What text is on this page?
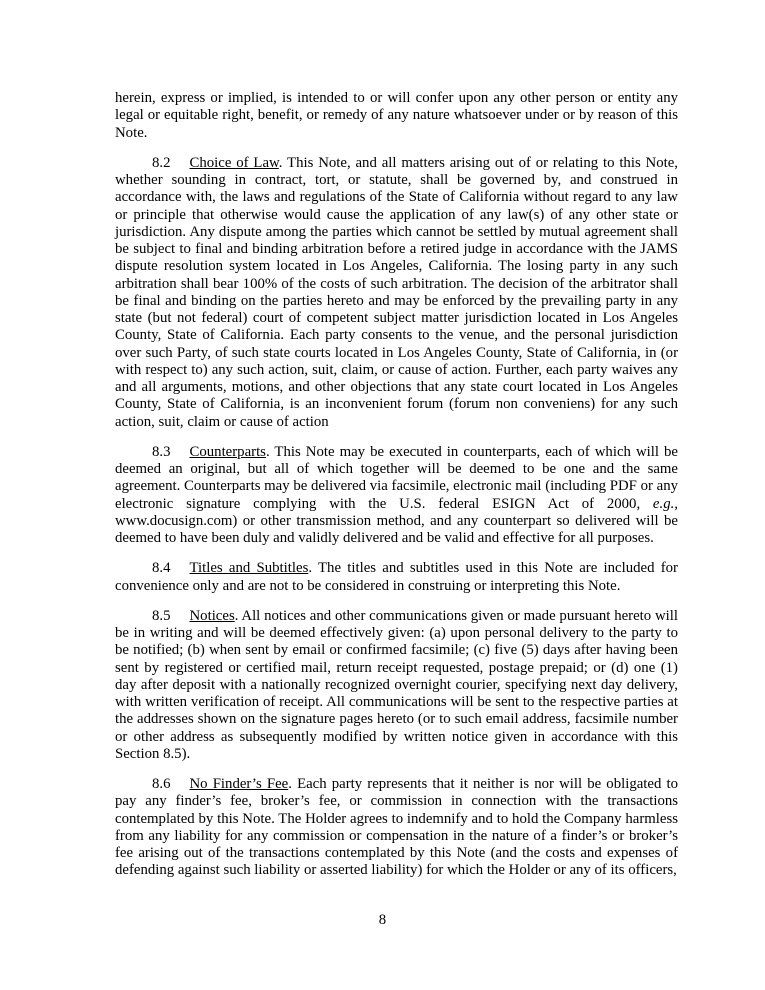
herein, express or implied, is intended to or will confer upon any other person or entity any legal or equitable right, benefit, or remedy of any nature whatsoever under or by reason of this Note.

8.2 Choice of Law. This Note, and all matters arising out of or relating to this Note, whether sounding in contract, tort, or statute, shall be governed by, and construed in accordance with, the laws and regulations of the State of California without regard to any law or principle that otherwise would cause the application of any law(s) of any other state or jurisdiction. Any dispute among the parties which cannot be settled by mutual agreement shall be subject to final and binding arbitration before a retired judge in accordance with the JAMS dispute resolution system located in Los Angeles, California. The losing party in any such arbitration shall bear 100% of the costs of such arbitration. The decision of the arbitrator shall be final and binding on the parties hereto and may be enforced by the prevailing party in any state (but not federal) court of competent subject matter jurisdiction located in Los Angeles County, State of California. Each party consents to the venue, and the personal jurisdiction over such Party, of such state courts located in Los Angeles County, State of California, in (or with respect to) any such action, suit, claim, or cause of action. Further, each party waives any and all arguments, motions, and other objections that any state court located in Los Angeles County, State of California, is an inconvenient forum (forum non conveniens) for any such action, suit, claim or cause of action

8.3 Counterparts. This Note may be executed in counterparts, each of which will be deemed an original, but all of which together will be deemed to be one and the same agreement. Counterparts may be delivered via facsimile, electronic mail (including PDF or any electronic signature complying with the U.S. federal ESIGN Act of 2000, e.g., www.docusign.com) or other transmission method, and any counterpart so delivered will be deemed to have been duly and validly delivered and be valid and effective for all purposes.

8.4 Titles and Subtitles. The titles and subtitles used in this Note are included for convenience only and are not to be considered in construing or interpreting this Note.

8.5 Notices. All notices and other communications given or made pursuant hereto will be in writing and will be deemed effectively given: (a) upon personal delivery to the party to be notified; (b) when sent by email or confirmed facsimile; (c) five (5) days after having been sent by registered or certified mail, return receipt requested, postage prepaid; or (d) one (1) day after deposit with a nationally recognized overnight courier, specifying next day delivery, with written verification of receipt. All communications will be sent to the respective parties at the addresses shown on the signature pages hereto (or to such email address, facsimile number or other address as subsequently modified by written notice given in accordance with this Section 8.5).

8.6 No Finder’s Fee. Each party represents that it neither is nor will be obligated to pay any finder’s fee, broker’s fee, or commission in connection with the transactions contemplated by this Note. The Holder agrees to indemnify and to hold the Company harmless from any liability for any commission or compensation in the nature of a finder’s or broker’s fee arising out of the transactions contemplated by this Note (and the costs and expenses of defending against such liability or asserted liability) for which the Holder or any of its officers,

8
